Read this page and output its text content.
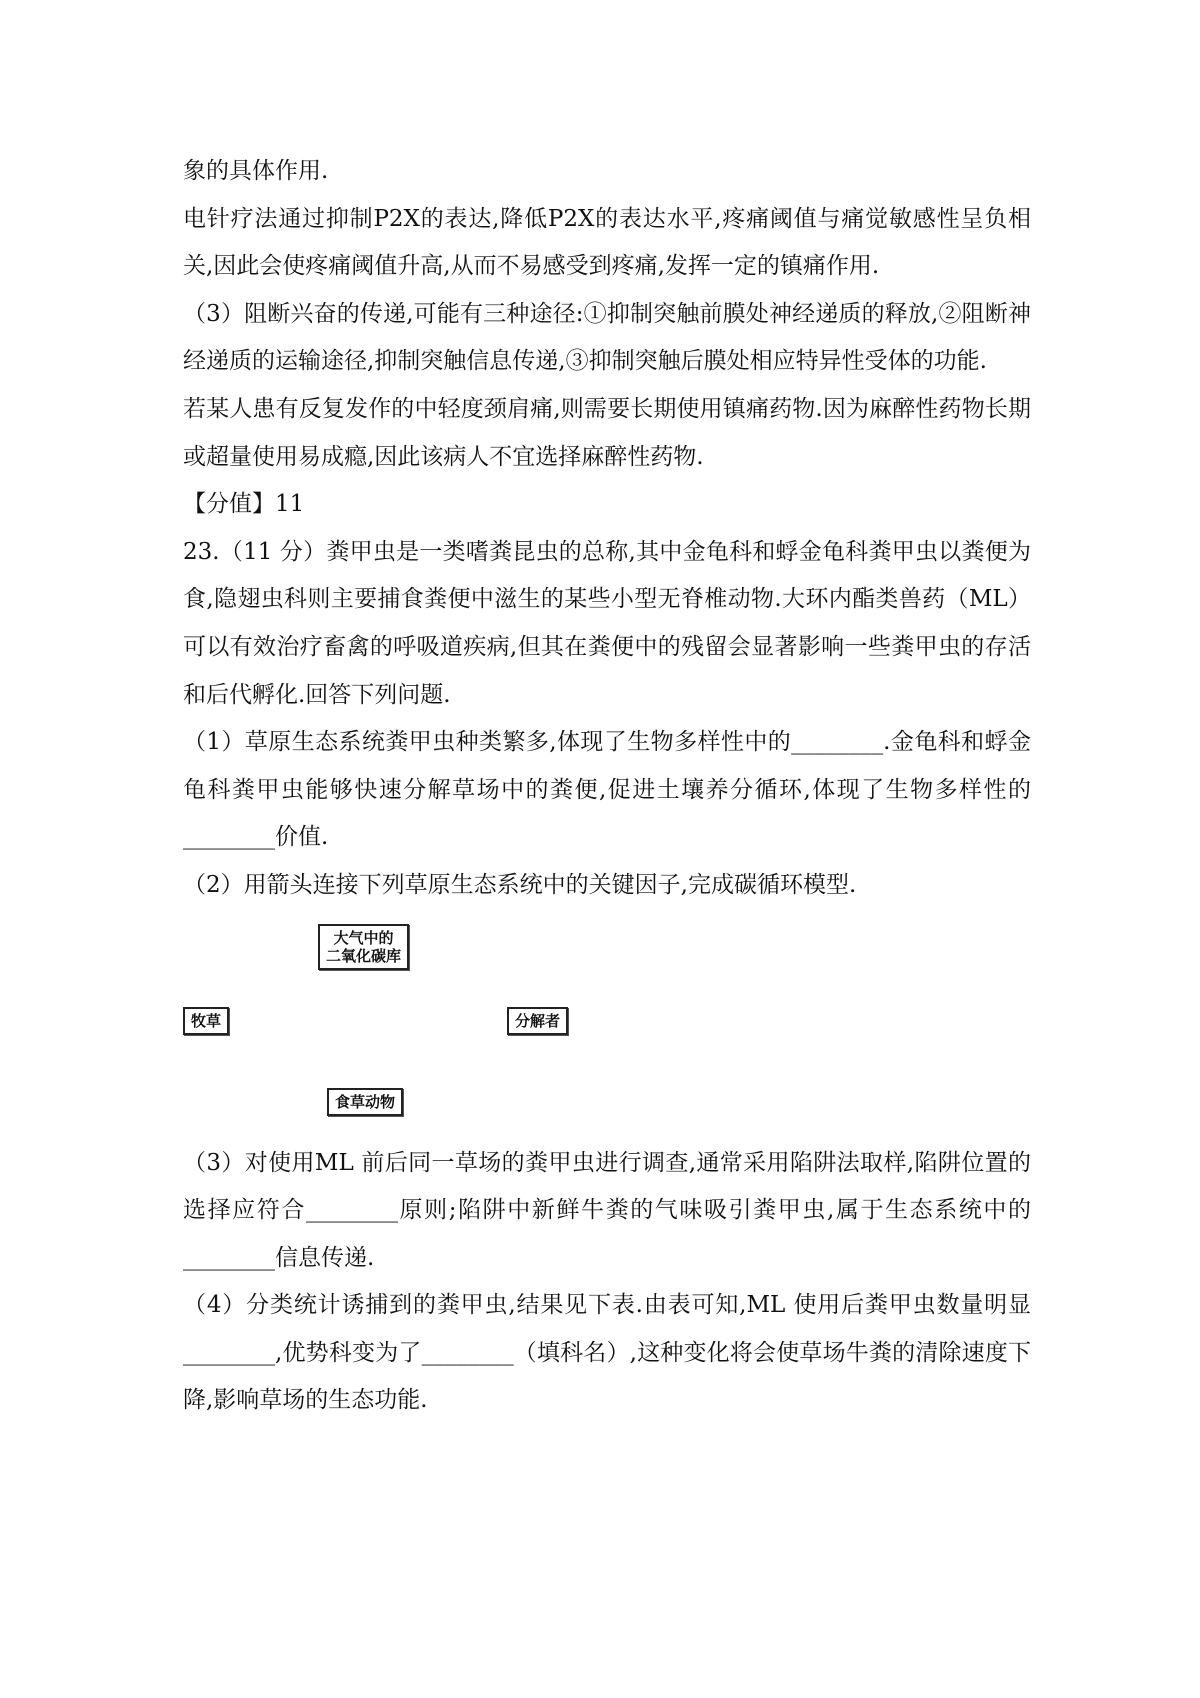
象的具体作用.

电针疗法通过抑制P2X的表达,降低P2X的表达水平,疼痛阈值与痛觉敏感性呈负相关,因此会使疼痛阈值升高,从而不易感受到疼痛,发挥一定的镇痛作用.

（3）阻断兴奋的传递,可能有三种途径:①抑制突触前膜处神经递质的释放,②阻断神经递质的运输途径,抑制突触信息传递,③抑制突触后膜处相应特异性受体的功能.

若某人患有反复发作的中轻度颈肩痛,则需要长期使用镇痛药物.因为麻醉性药物长期或超量使用易成瘾,因此该病人不宜选择麻醉性药物.

【分值】11

23.（11 分）粪甲虫是一类嗜粪昆虫的总称,其中金龟科和蜉金龟科粪甲虫以粪便为食,隐翅虫科则主要捕食粪便中滋生的某些小型无脊椎动物.大环内酯类兽药（ML）可以有效治疗畜禽的呼吸道疾病,但其在粪便中的残留会显著影响一些粪甲虫的存活和后代孵化.回答下列问题.

（1）草原生态系统粪甲虫种类繁多,体现了生物多样性中的________.金龟科和蜉金龟科粪甲虫能够快速分解草场中的粪便,促进土壤养分循环,体现了生物多样性的________价值.

（2）用箭头连接下列草原生态系统中的关键因子,完成碳循环模型.

大气中的
二氧化碳库
牧草	分解者
食草动物

（3）对使用ML 前后同一草场的粪甲虫进行调查,通常采用陷阱法取样,陷阱位置的选择应符合________原则;陷阱中新鲜牛粪的气味吸引粪甲虫,属于生态系统中的________信息传递.

（4）分类统计诱捕到的粪甲虫,结果见下表.由表可知,ML 使用后粪甲虫数量明显________,优势科变为了________（填科名）,这种变化将会使草场牛粪的清除速度下降,影响草场的生态功能.
